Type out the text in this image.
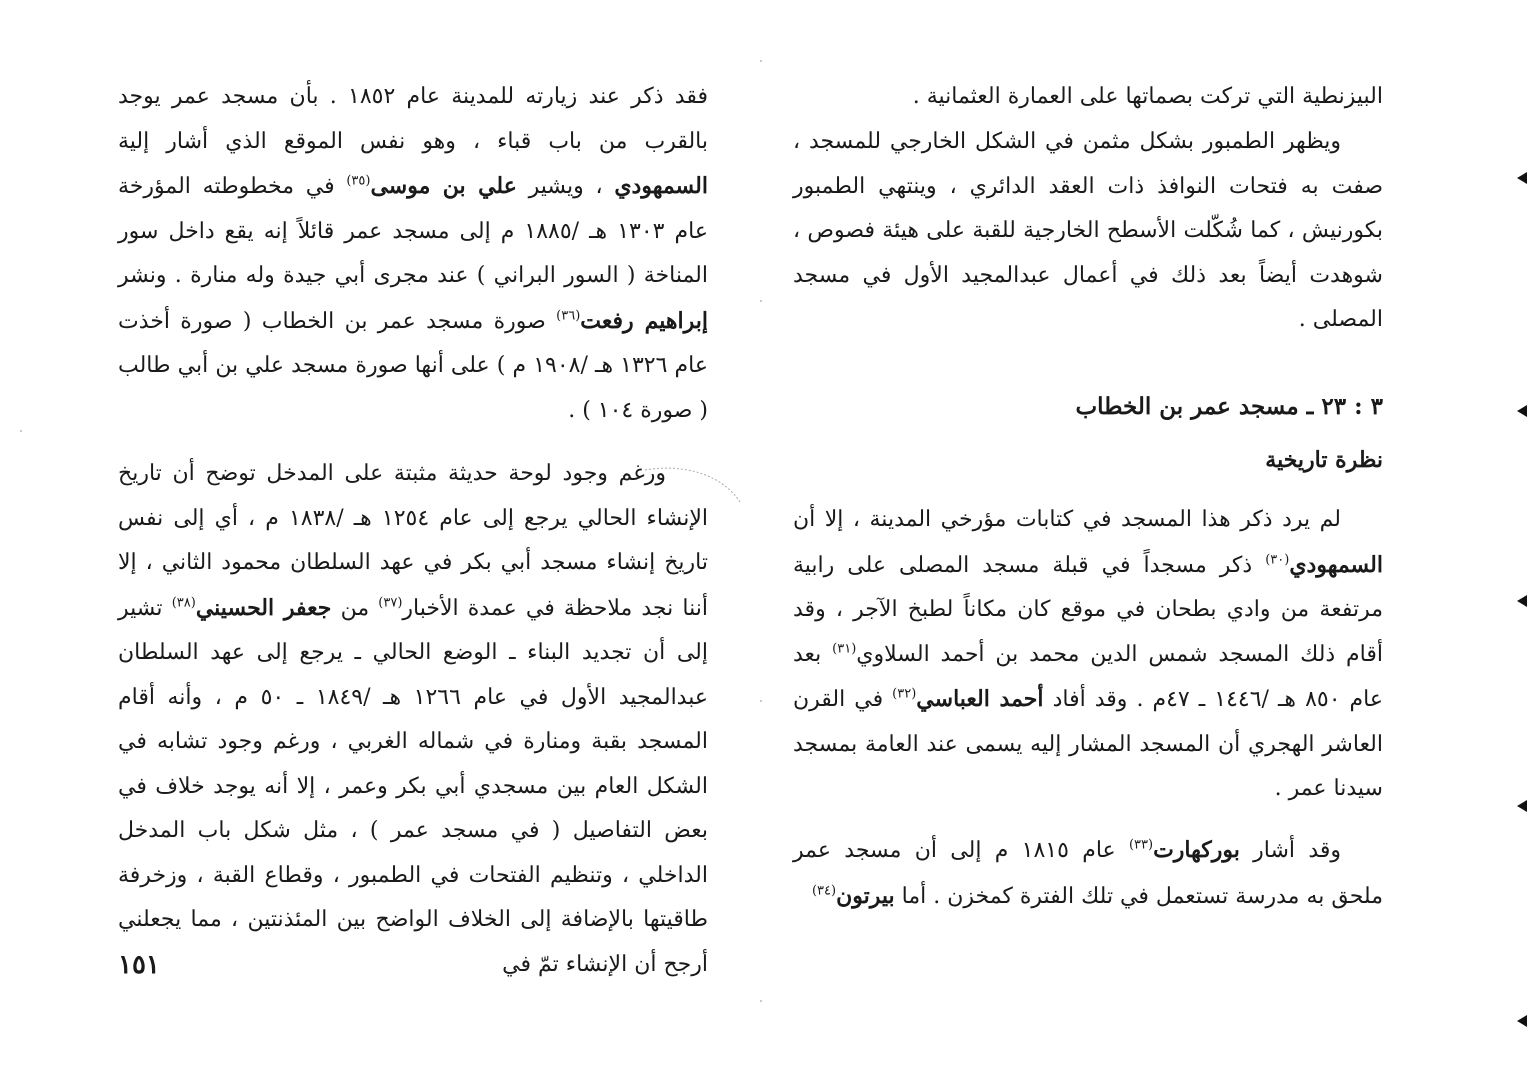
البيزنطية التي تركت بصماتها على العمارة العثمانية .

ويظهر الطمبور بشكل مثمن في الشكل الخارجي للمسجد ، صفت به فتحات النوافذ ذات العقد الدائري ، وينتهي الطمبور بكورنيش ، كما شُكّلت الأسطح الخارجية للقبة على هيئة فصوص ، شوهدت أيضاً بعد ذلك في أعمال عبدالمجيد الأول في مسجد المصلى .

٣ : ٢٣ ـ مسجد عمر بن الخطاب

نظرة تاريخية

لم يرد ذكر هذا المسجد في كتابات مؤرخي المدينة ، إلا أن السمهودي$^{(٣٠)}$ ذكر مسجداً في قبلة مسجد المصلى على رابية مرتفعة من وادي بطحان في موقع كان مكاناً لطبخ الآجر ، وقد أقام ذلك المسجد شمس الدين محمد بن أحمد السلاوي$^{(٣١)}$ بعد عام ٨٥٠ هـ /١٤٤٦ ـ ٤٧م . وقد أفاد أحمد العباسي$^{(٣٢)}$ في القرن العاشر الهجري أن المسجد المشار إليه يسمى عند العامة بمسجد سيدنا عمر .

وقد أشار بوركهارت$^{(٣٣)}$ عام ١٨١٥ م إلى أن مسجد عمر ملحق به مدرسة تستعمل في تلك الفترة كمخزن . أما بيرتون$^{(٣٤)}$

فقد ذكر عند زيارته للمدينة عام ١٨٥٢ . بأن مسجد عمر يوجد بالقرب من باب قباء ، وهو نفس الموقع الذي أشار إلية السمهودي ، ويشير علي بن موسى$^{(٣٥)}$ في مخطوطته المؤرخة عام ١٣٠٣ هـ /١٨٨٥ م إلى مسجد عمر قائلاً إنه يقع داخل سور المناخة ( السور البراني ) عند مجرى أبي جيدة وله منارة . ونشر إبراهيم رفعت$^{(٣٦)}$ صورة مسجد عمر بن الخطاب ( صورة أخذت عام ١٣٢٦ هـ /١٩٠٨ م ) على أنها صورة مسجد علي بن أبي طالب ( صورة ١٠٤ ) .

ورغم وجود لوحة حديثة مثبتة على المدخل توضح أن تاريخ الإنشاء الحالي يرجع إلى عام ١٢٥٤ هـ /١٨٣٨ م ، أي إلى نفس تاريخ إنشاء مسجد أبي بكر في عهد السلطان محمود الثاني ، إلا أننا نجد ملاحظة في عمدة الأخبار$^{(٣٧)}$ من جعفر الحسيني$^{(٣٨)}$ تشير إلى أن تجديد البناء ـ الوضع الحالي ـ يرجع إلى عهد السلطان عبدالمجيد الأول في عام ١٢٦٦ هـ /١٨٤٩ ـ ٥٠ م ، وأنه أقام المسجد بقبة ومنارة في شماله الغربي ، ورغم وجود تشابه في الشكل العام بين مسجدي أبي بكر وعمر ، إلا أنه يوجد خلاف في بعض التفاصيل ( في مسجد عمر ) ، مثل شكل باب المدخل الداخلي ، وتنظيم الفتحات في الطمبور ، وقطاع القبة ، وزخرفة طاقيتها بالإضافة إلى الخلاف الواضح بين المئذنتين ، مما يجعلني أرجح أن الإنشاء تمّ في

١٥١
